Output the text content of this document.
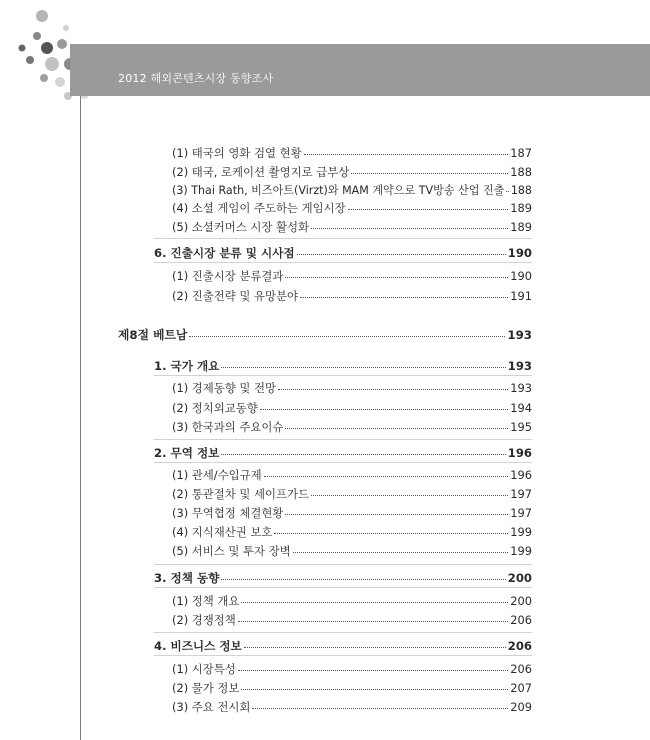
2012 해외콘텐츠시장 동향조사
(1) 태국의 영화 검열 현황	187
(2) 태국, 로케이션 촬영지로 급부상	188
(3) Thai Rath, 비즈아트(Virzt)와 MAM 계약으로 TV방송 산업 진출 188
(4) 소셜 게임이 주도하는 게임시장	189
(5) 소셜커머스 시장 활성화	189
6. 진출시장 분류 및 시사점	190
(1) 진출시장 분류결과	190
(2) 진출전략 및 유망분야	191
제8절 베트남	193
1. 국가 개요	193
(1) 경제동향 및 전망	193
(2) 정치외교동향	194
(3) 한국과의 주요이슈	195
2. 무역 정보	196
(1) 관세/수입규제	196
(2) 통관절차 및 세이프가드	197
(3) 무역협정 체결현황	197
(4) 지식재산권 보호	199
(5) 서비스 및 투자 장벽	199
3. 정책 동향	200
(1) 정책 개요	200
(2) 경쟁정책	206
4. 비즈니스 정보	206
(1) 시장특성	206
(2) 물가 정보	207
(3) 주요 전시회	209
